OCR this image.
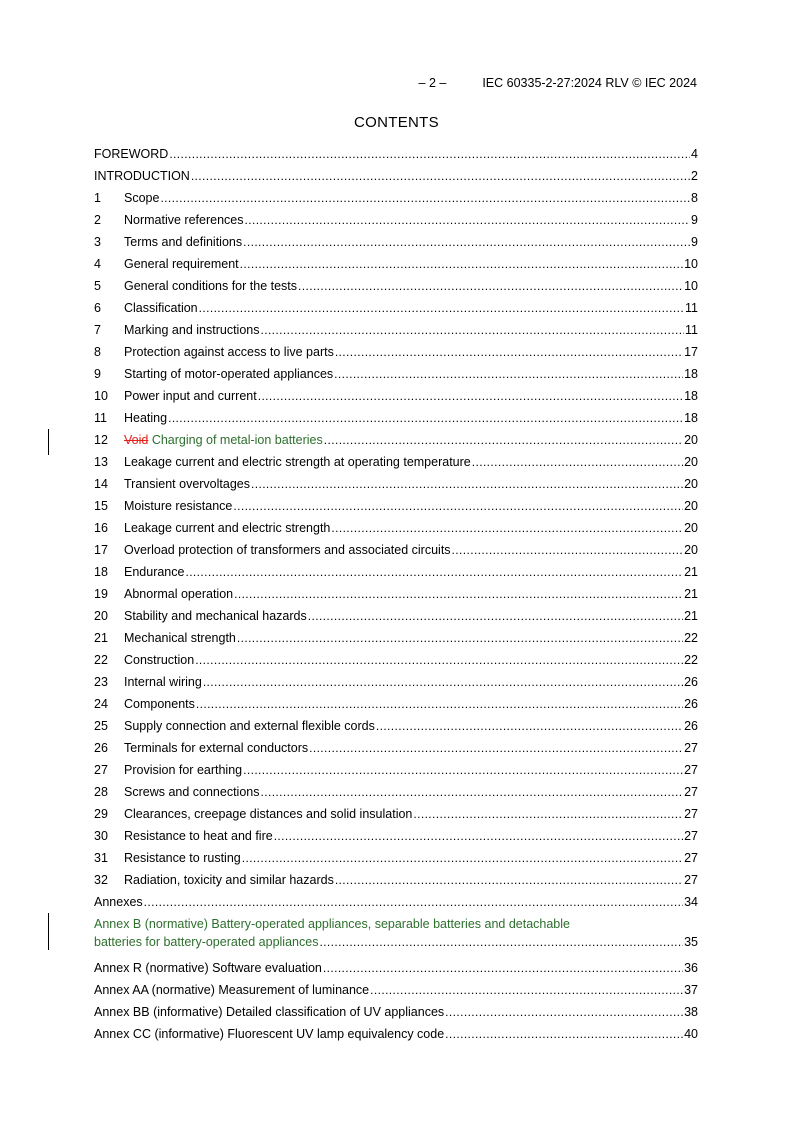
– 2 –	IEC 60335-2-27:2024 RLV © IEC 2024
CONTENTS
FOREWORD .....	4
INTRODUCTION .....	2
1	Scope .....	8
2	Normative references .....	9
3	Terms and definitions .....	9
4	General requirement .....	10
5	General conditions for the tests .....	10
6	Classification .....	11
7	Marking and instructions .....	11
8	Protection against access to live parts .....	17
9	Starting of motor-operated appliances .....	18
10	Power input and current .....	18
11	Heating .....	18
12	Void Charging of metal-ion batteries .....	20
13	Leakage current and electric strength at operating temperature .....	20
14	Transient overvoltages .....	20
15	Moisture resistance .....	20
16	Leakage current and electric strength .....	20
17	Overload protection of transformers and associated circuits .....	20
18	Endurance .....	21
19	Abnormal operation .....	21
20	Stability and mechanical hazards .....	21
21	Mechanical strength .....	22
22	Construction .....	22
23	Internal wiring .....	26
24	Components .....	26
25	Supply connection and external flexible cords .....	26
26	Terminals for external conductors .....	27
27	Provision for earthing .....	27
28	Screws and connections .....	27
29	Clearances, creepage distances and solid insulation .....	27
30	Resistance to heat and fire .....	27
31	Resistance to rusting .....	27
32	Radiation, toxicity and similar hazards .....	27
Annexes .....	34
Annex B (normative) Battery-operated appliances, separable batteries and detachable
batteries for battery-operated appliances .....	35
Annex R (normative) Software evaluation .....	36
Annex AA (normative) Measurement of luminance .....	37
Annex BB (informative) Detailed classification of UV appliances .....	38
Annex CC (informative) Fluorescent UV lamp equivalency code .....	40
